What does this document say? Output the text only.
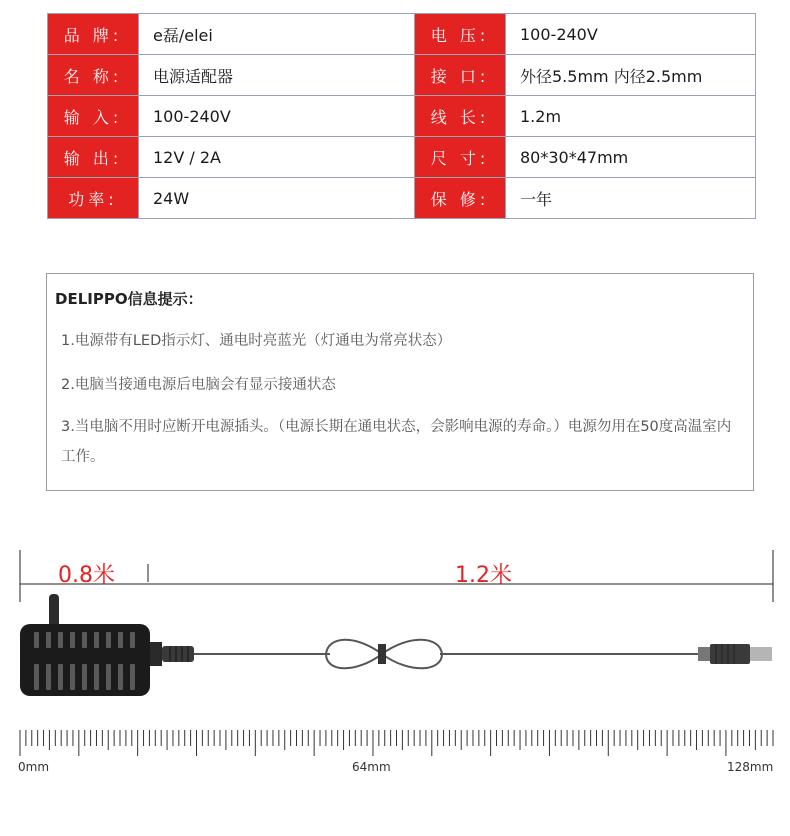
品 牌:	e磊/elei	电 压:	100-240V
名 称:	电源适配器	接 口:	外径5.5mm 内径2.5mm
输 入:	100-240V	线 长:	1.2m
输 出:	12V / 2A	尺 寸:	80*30*47mm
功率:	24W	保 修:	一年
DELIPPO信息提示：
1.电源带有LED指示灯、通电时亮蓝光（灯通电为常亮状态）
2.电脑当接通电源后电脑会有显示接通状态
3.当电脑不用时应断开电源插头。（电源长期在通电状态，会影响电源的寿命。）电源勿用在50度高温室内工作。
0.8米	1.2米
0mm	64mm	128mm
